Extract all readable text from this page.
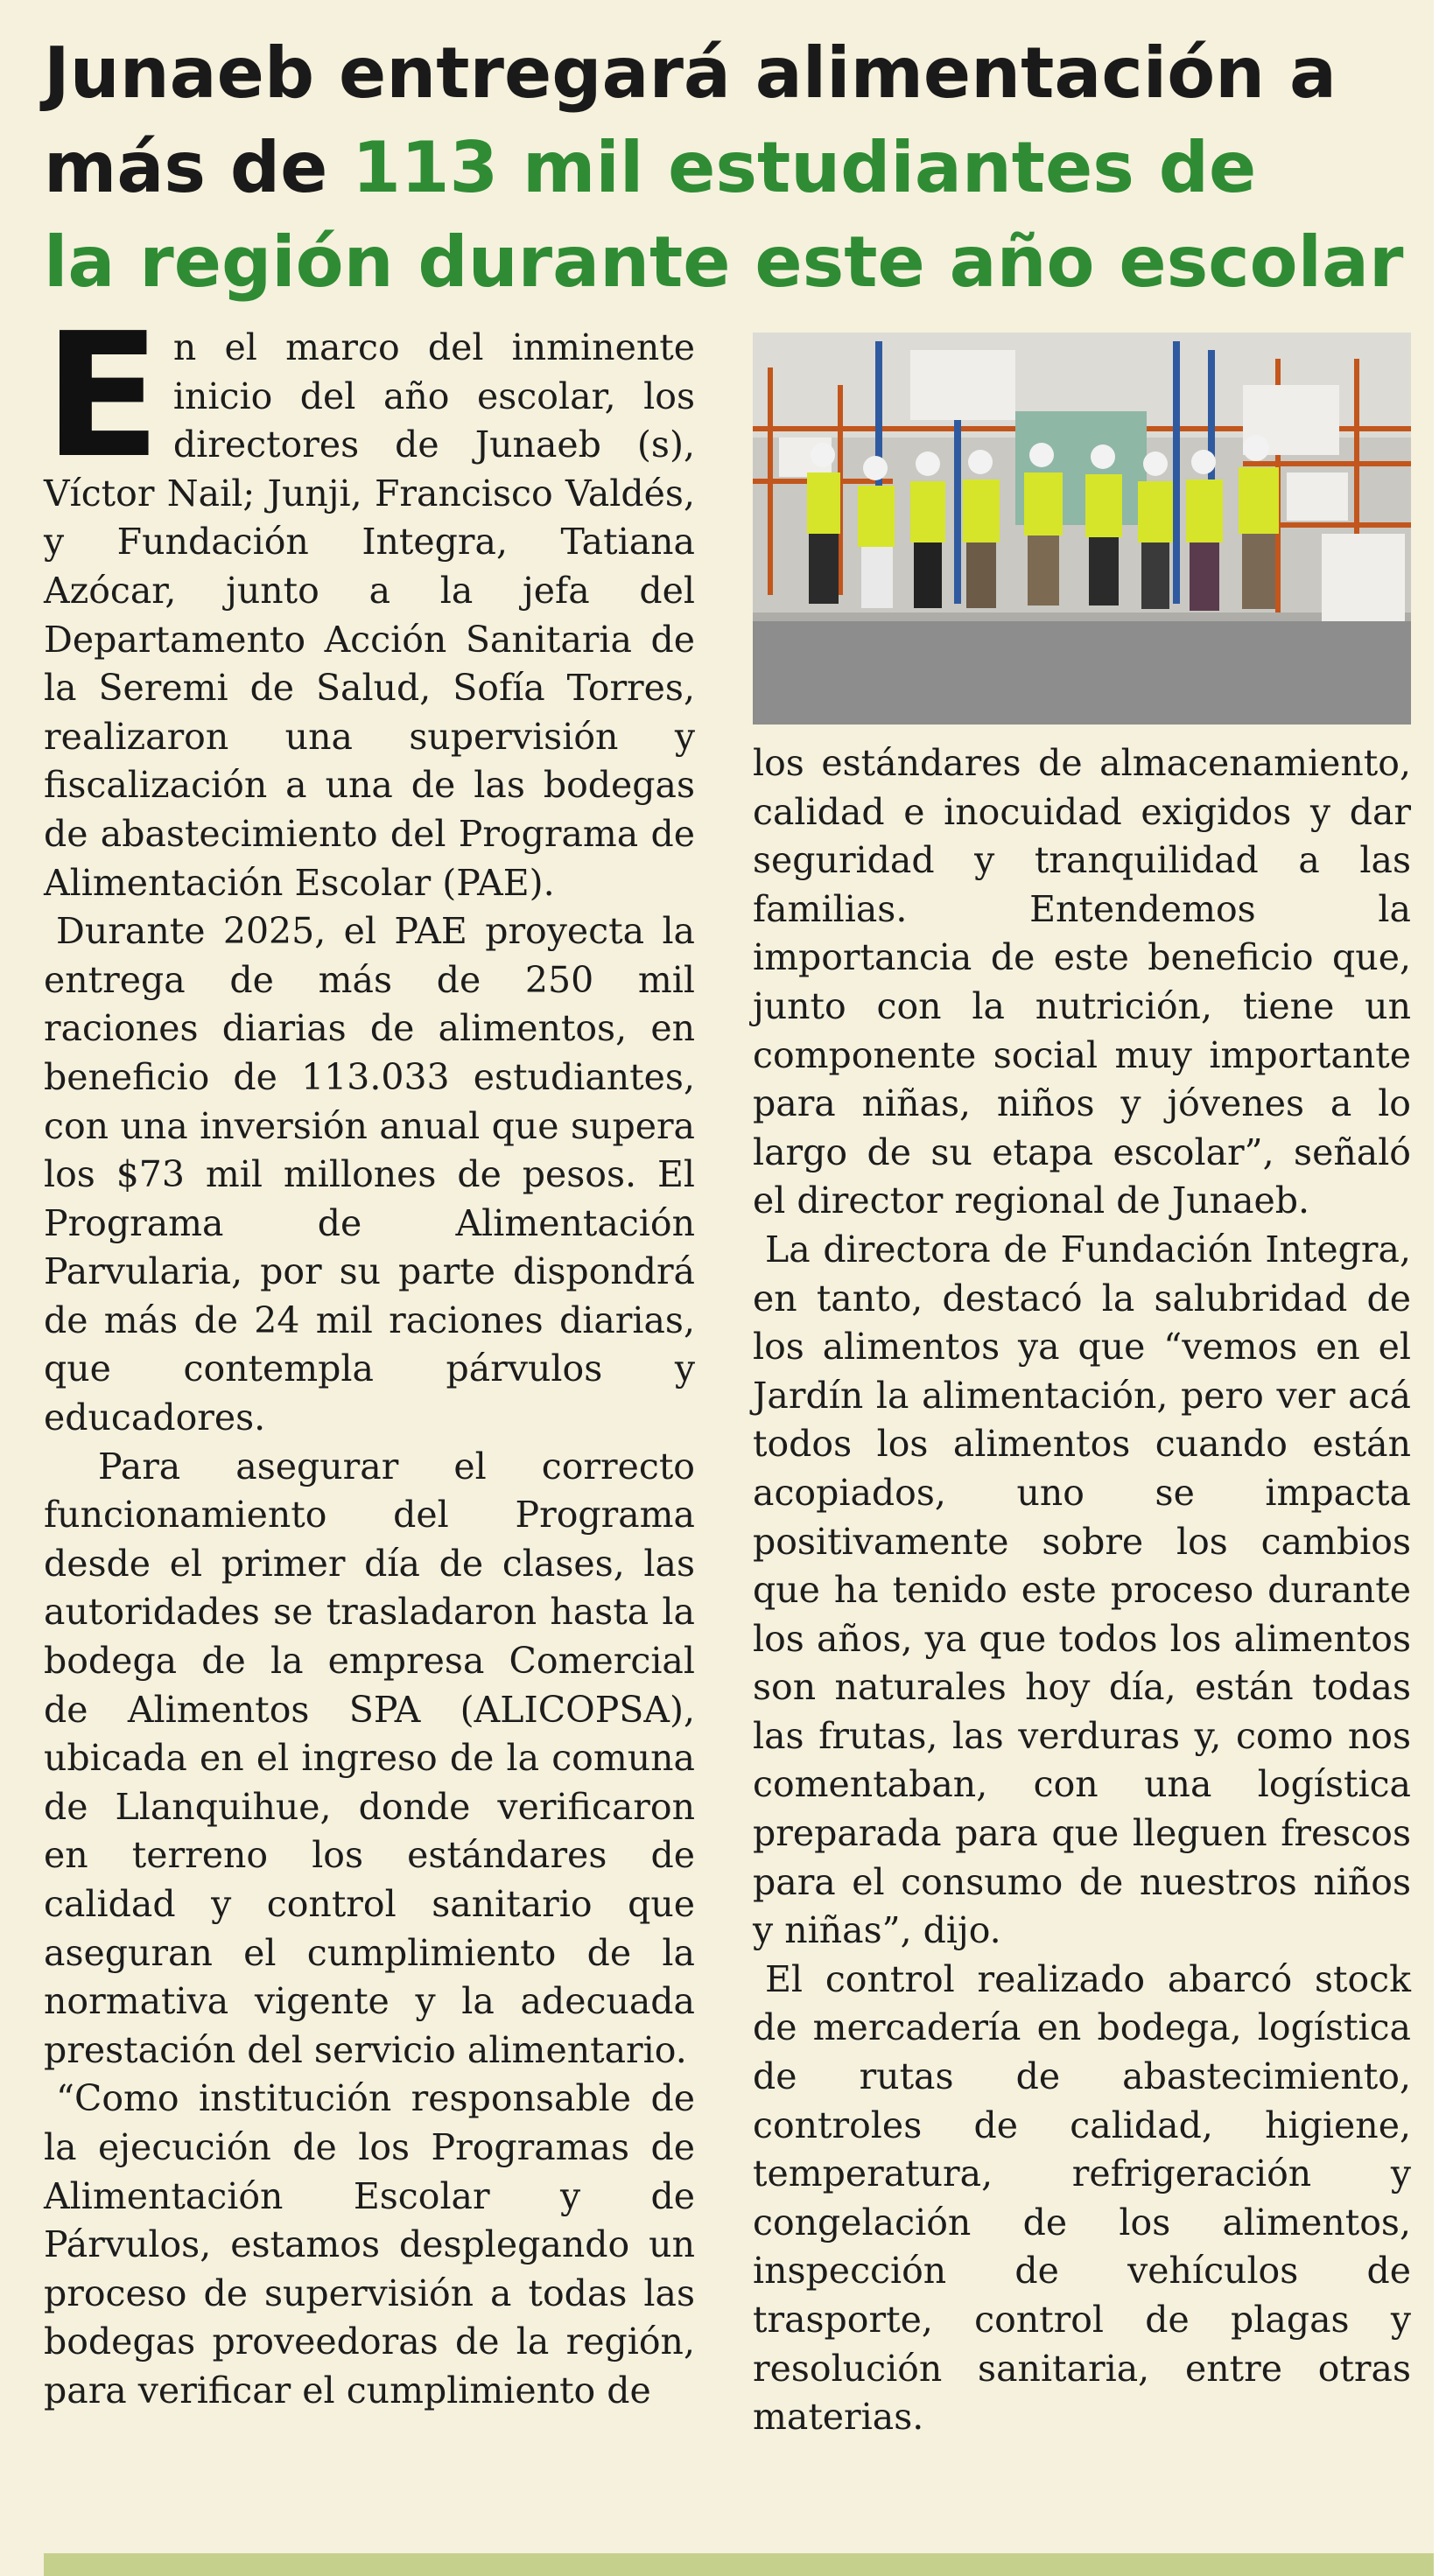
Junaeb entregará alimentación a
más de 113 mil estudiantes de
la región durante este año escolar

En el marco del inminente inicio del año escolar, los directores de Junaeb (s), Víctor Nail; Junji, Francisco Valdés, y Fundación Integra, Tatiana Azócar, junto a la jefa del Departamento Acción Sanitaria de la Seremi de Salud, Sofía Torres, realizaron una supervisión y fiscalización a una de las bodegas de abastecimiento del Programa de Alimentación Escolar (PAE).

Durante 2025, el PAE proyecta la entrega de más de 250 mil raciones diarias de alimentos, en beneficio de 113.033 estudiantes, con una inversión anual que supera los $73 mil millones de pesos. El Programa de Alimentación Parvularia, por su parte dispondrá de más de 24 mil raciones diarias, que contempla párvulos y educadores.

Para asegurar el correcto funcionamiento del Programa desde el primer día de clases, las autoridades se trasladaron hasta la bodega de la empresa Comercial de Alimentos SPA (ALICOPSA), ubicada en el ingreso de la comuna de Llanquihue, donde verificaron en terreno los estándares de calidad y control sanitario que aseguran el cumplimiento de la normativa vigente y la adecuada prestación del servicio alimentario.

“Como institución responsable de la ejecución de los Programas de Alimentación Escolar y de Párvulos, estamos desplegando un proceso de supervisión a todas las bodegas proveedoras de la región, para verificar el cumplimiento de

los estándares de almacenamiento, calidad e inocuidad exigidos y dar seguridad y tranquilidad a las familias. Entendemos la importancia de este beneficio que, junto con la nutrición, tiene un componente social muy importante para niñas, niños y jóvenes a lo largo de su etapa escolar”, señaló el director regional de Junaeb.

La directora de Fundación Integra, en tanto, destacó la salubridad de los alimentos ya que “vemos en el Jardín la alimentación, pero ver acá todos los alimentos cuando están acopiados, uno se impacta positivamente sobre los cambios que ha tenido este proceso durante los años, ya que todos los alimentos son naturales hoy día, están todas las frutas, las verduras y, como nos comentaban, con una logística preparada para que lleguen frescos para el consumo de nuestros niños y niñas”, dijo.

El control realizado abarcó stock de mercadería en bodega, logística de rutas de abastecimiento, controles de calidad, higiene, temperatura, refrigeración y congelación de los alimentos, inspección de vehículos de trasporte, control de plagas y resolución sanitaria, entre otras materias.
